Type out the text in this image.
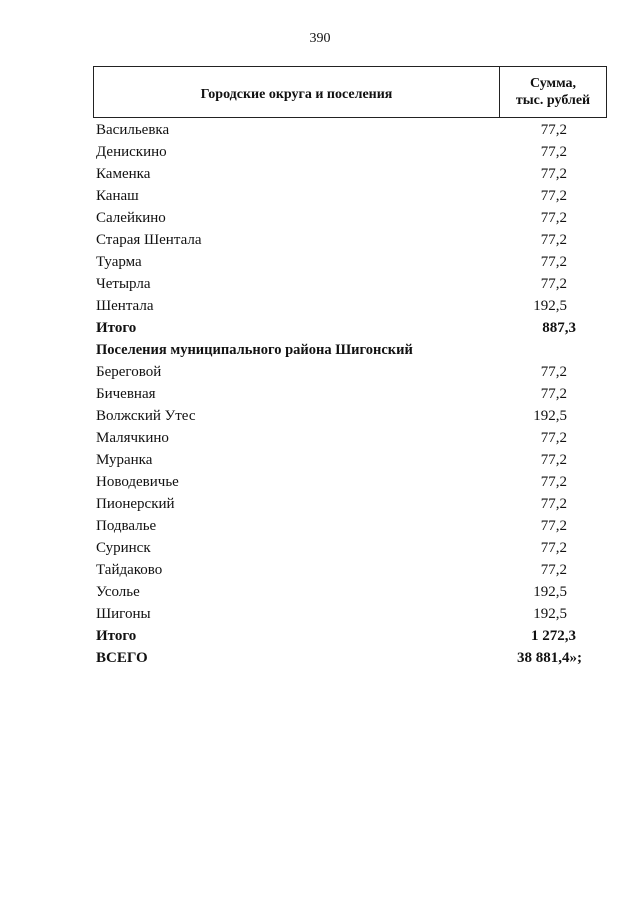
390
Городские округа и поселения
Сумма,
тыс. рублей
Васильевка	77,2
Денискино	77,2
Каменка	77,2
Канаш	77,2
Салейкино	77,2
Старая Шентала	77,2
Туарма	77,2
Четырла	77,2
Шентала	192,5
Итого	887,3
Поселения муниципального района Шигонский
Береговой	77,2
Бичевная	77,2
Волжский Утес	192,5
Малячкино	77,2
Муранка	77,2
Новодевичье	77,2
Пионерский	77,2
Подвалье	77,2
Суринск	77,2
Тайдаково	77,2
Усолье	192,5
Шигоны	192,5
Итого	1 272,3
ВСЕГО	38 881,4»;
